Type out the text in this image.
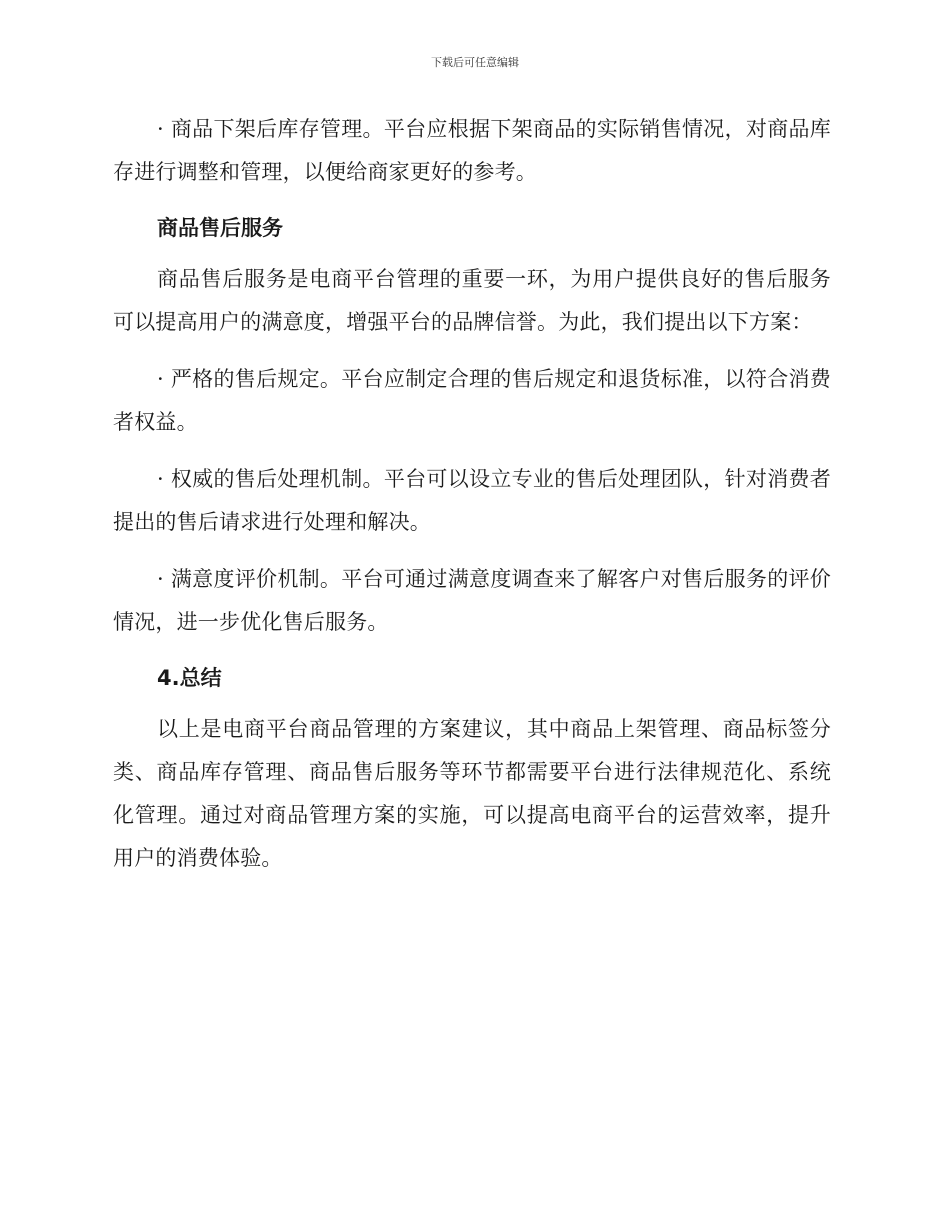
下载后可任意编辑

· 商品下架后库存管理。平台应根据下架商品的实际销售情况，对商品库存进行调整和管理，以便给商家更好的参考。

商品售后服务

商品售后服务是电商平台管理的重要一环，为用户提供良好的售后服务可以提高用户的满意度，增强平台的品牌信誉。为此，我们提出以下方案：

· 严格的售后规定。平台应制定合理的售后规定和退货标准，以符合消费者权益。

· 权威的售后处理机制。平台可以设立专业的售后处理团队，针对消费者提出的售后请求进行处理和解决。

· 满意度评价机制。平台可通过满意度调查来了解客户对售后服务的评价情况，进一步优化售后服务。

4.总结

以上是电商平台商品管理的方案建议，其中商品上架管理、商品标签分类、商品库存管理、商品售后服务等环节都需要平台进行法律规范化、系统化管理。通过对商品管理方案的实施，可以提高电商平台的运营效率，提升用户的消费体验。
